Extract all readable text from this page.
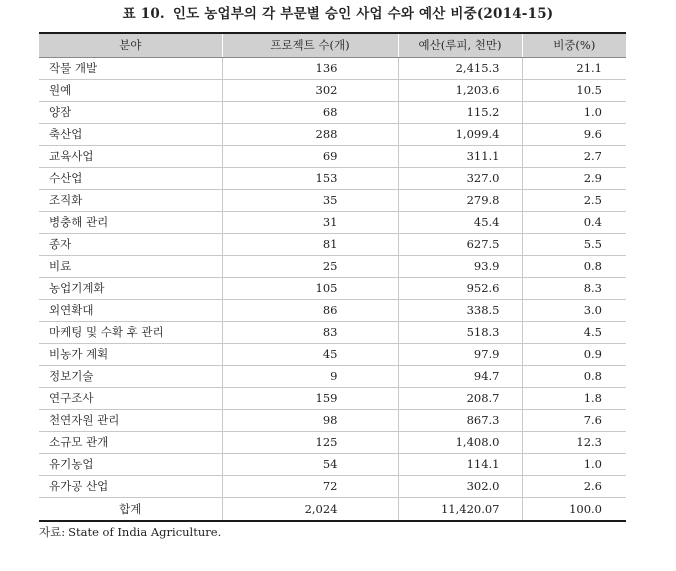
표 10. 인도 농업부의 각 부문별 승인 사업 수와 예산 비중(2014-15)
분야	프로젝트 수(개)	예산(루피, 천만)	비중(%)
작물 개발	136	2,415.3	21.1
원예	302	1,203.6	10.5
양잠	68	115.2	1.0
축산업	288	1,099.4	9.6
교육사업	69	311.1	2.7
수산업	153	327.0	2.9
조직화	35	279.8	2.5
병충해 관리	31	45.4	0.4
종자	81	627.5	5.5
비료	25	93.9	0.8
농업기계화	105	952.6	8.3
외연확대	86	338.5	3.0
마케팅 및 수확 후 관리	83	518.3	4.5
비농가 계획	45	97.9	0.9
정보기술	9	94.7	0.8
연구조사	159	208.7	1.8
천연자원 관리	98	867.3	7.6
소규모 관개	125	1,408.0	12.3
유기농업	54	114.1	1.0
유가공 산업	72	302.0	2.6
합계	2,024	11,420.07	100.0
자료: State of India Agriculture.
